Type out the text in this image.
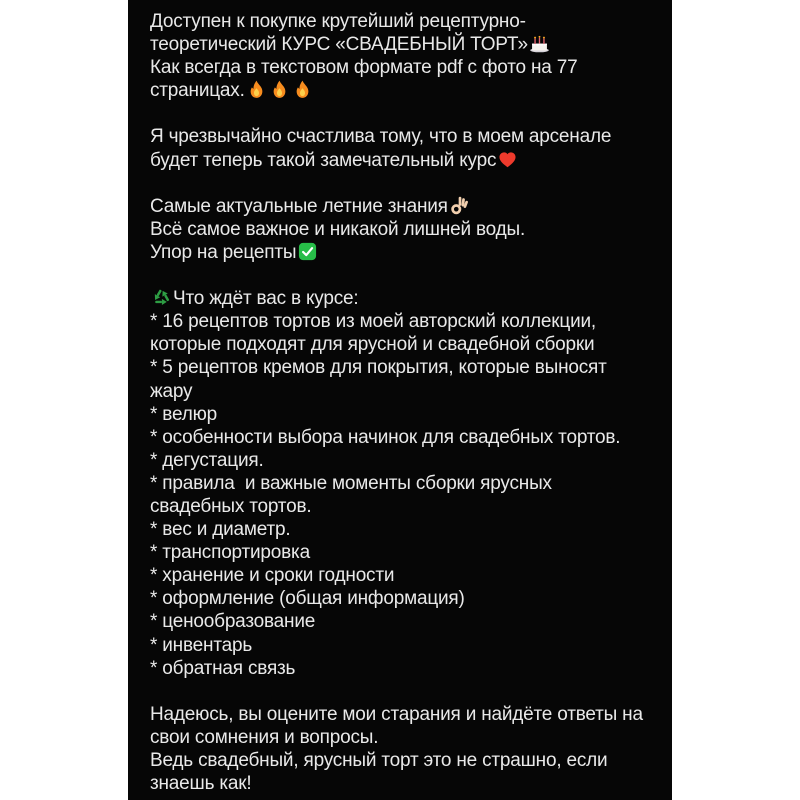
Доступен к покупке крутейший рецептурно-
теоретический КУРС «СВАДЕБНЫЙ ТОРТ»
Как всегда в текстовом формате pdf с фото на 77
страницах.
Я чрезвычайно счастлива тому, что в моем арсенале
будет теперь такой замечательный курс
Самые актуальные летние знания
Всё самое важное и никакой лишней воды.
Упор на рецепты
Что ждёт вас в курсе:
* 16 рецептов тортов из моей авторский коллекции,
которые подходят для ярусной и свадебной сборки
* 5 рецептов кремов для покрытия, которые выносят
жару
* велюр
* особенности выбора начинок для свадебных тортов.
* дегустация.
* правила  и важные моменты сборки ярусных
свадебных тортов.
* вес и диаметр.
* транспортировка
* хранение и сроки годности
* оформление (общая информация)
* ценообразование
* инвентарь
* обратная связь
Надеюсь, вы оцените мои старания и найдёте ответы на
свои сомнения и вопросы.
Ведь свадебный, ярусный торт это не страшно, если
знаешь как!
